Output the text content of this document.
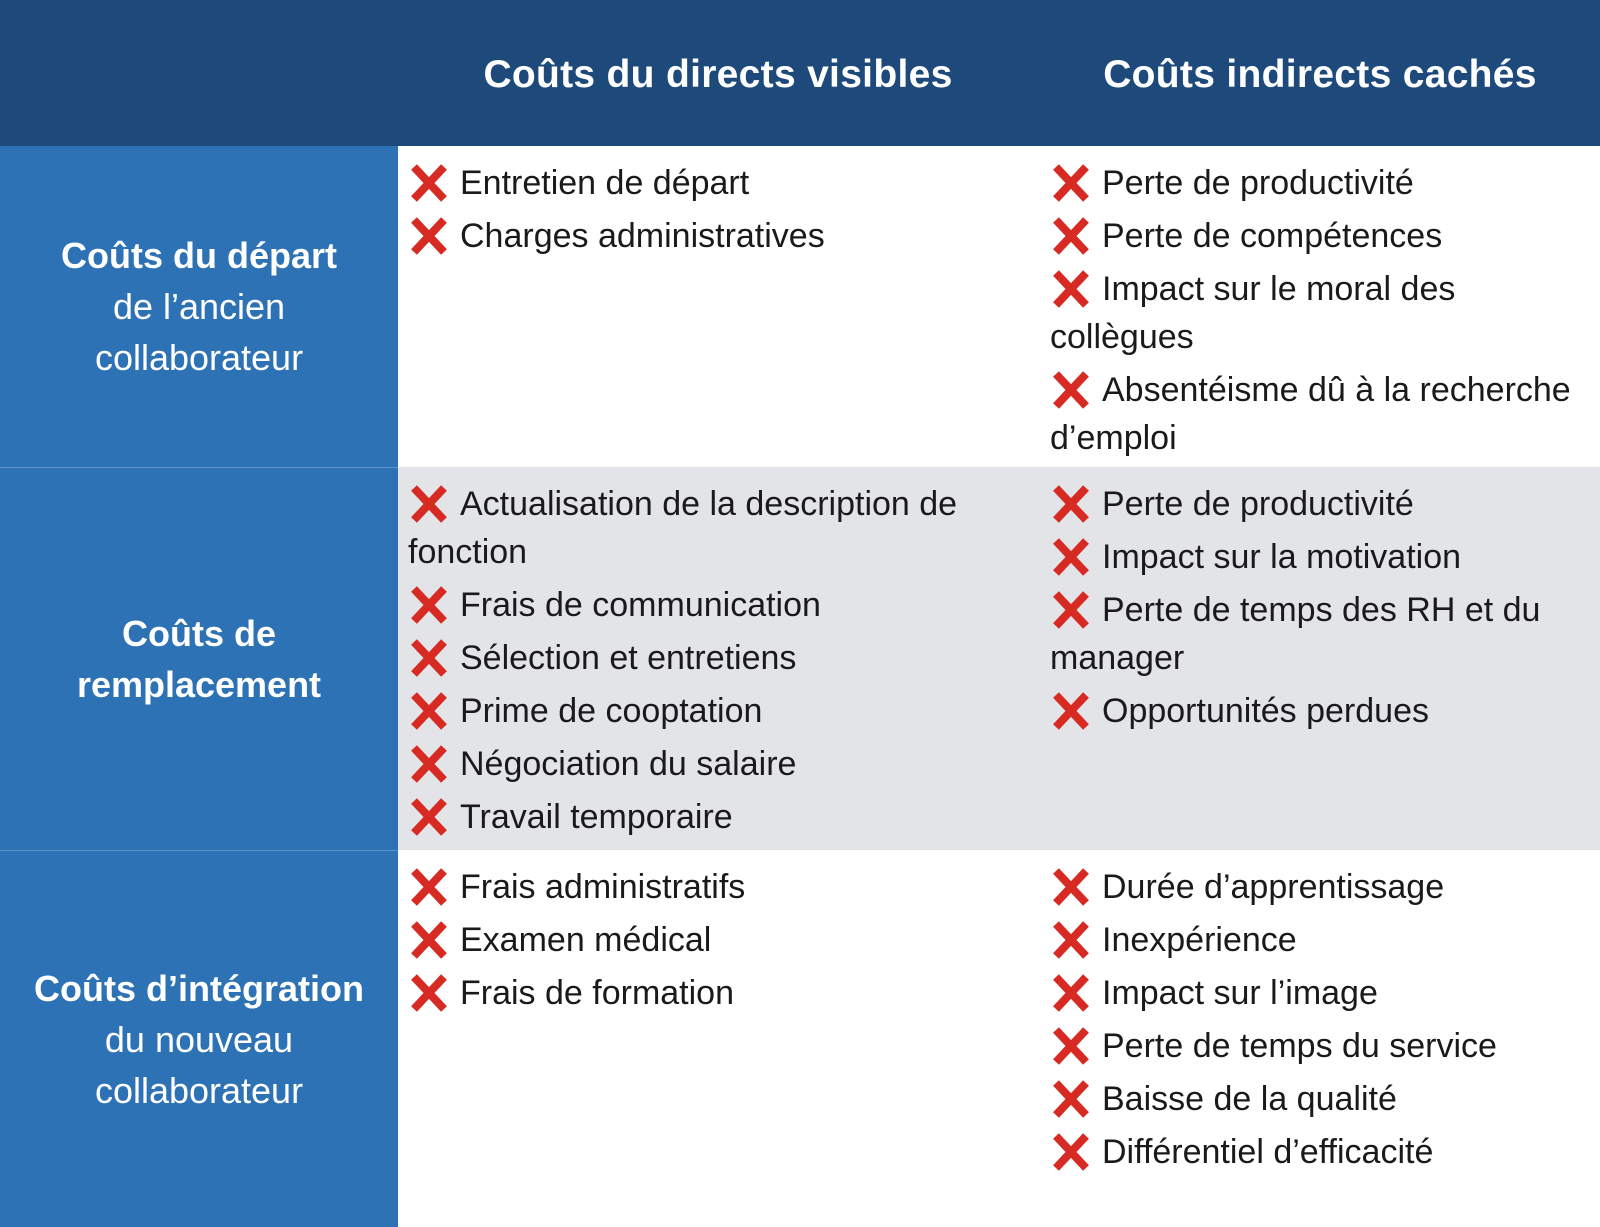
Coûts du directs visibles	Coûts indirects cachés
Coûts du départ
de l’ancien
collaborateur
Entretien de départ
Charges administratives
Perte de productivité
Perte de compétences
Impact sur le moral des collègues
Absentéisme dû à la recherche d’emploi
Coûts de
remplacement
Actualisation de la description de fonction
Frais de communication
Sélection et entretiens
Prime de cooptation
Négociation du salaire
Travail temporaire
Perte de productivité
Impact sur la motivation
Perte de temps des RH et du manager
Opportunités perdues
Coûts d’intégration
du nouveau
collaborateur
Frais administratifs
Examen médical
Frais de formation
Durée d’apprentissage
Inexpérience
Impact sur l’image
Perte de temps du service
Baisse de la qualité
Différentiel d’efficacité
